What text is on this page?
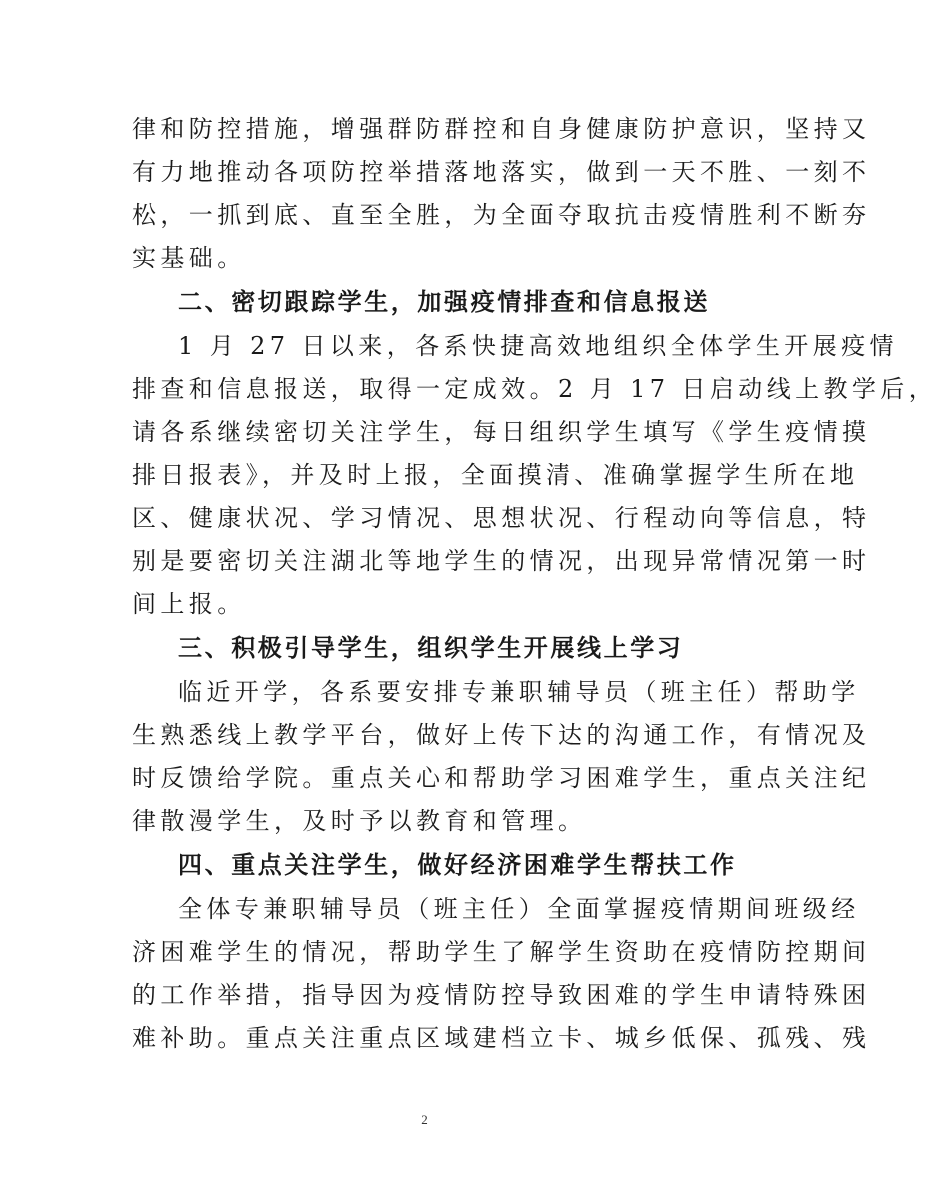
律和防控措施，增强群防群控和自身健康防护意识，坚持又
有力地推动各项防控举措落地落实，做到一天不胜、一刻不
松，一抓到底、直至全胜，为全面夺取抗击疫情胜利不断夯
实基础。
二、密切跟踪学生，加强疫情排查和信息报送
1 月 27 日以来，各系快捷高效地组织全体学生开展疫情
排查和信息报送，取得一定成效。2 月 17 日启动线上教学后，
请各系继续密切关注学生，每日组织学生填写《学生疫情摸
排日报表》，并及时上报，全面摸清、准确掌握学生所在地
区、健康状况、学习情况、思想状况、行程动向等信息，特
别是要密切关注湖北等地学生的情况，出现异常情况第一时
间上报。
三、积极引导学生，组织学生开展线上学习
临近开学，各系要安排专兼职辅导员（班主任）帮助学
生熟悉线上教学平台，做好上传下达的沟通工作，有情况及
时反馈给学院。重点关心和帮助学习困难学生，重点关注纪
律散漫学生，及时予以教育和管理。
四、重点关注学生，做好经济困难学生帮扶工作
全体专兼职辅导员（班主任）全面掌握疫情期间班级经
济困难学生的情况，帮助学生了解学生资助在疫情防控期间
的工作举措，指导因为疫情防控导致困难的学生申请特殊困
难补助。重点关注重点区域建档立卡、城乡低保、孤残、残
2
